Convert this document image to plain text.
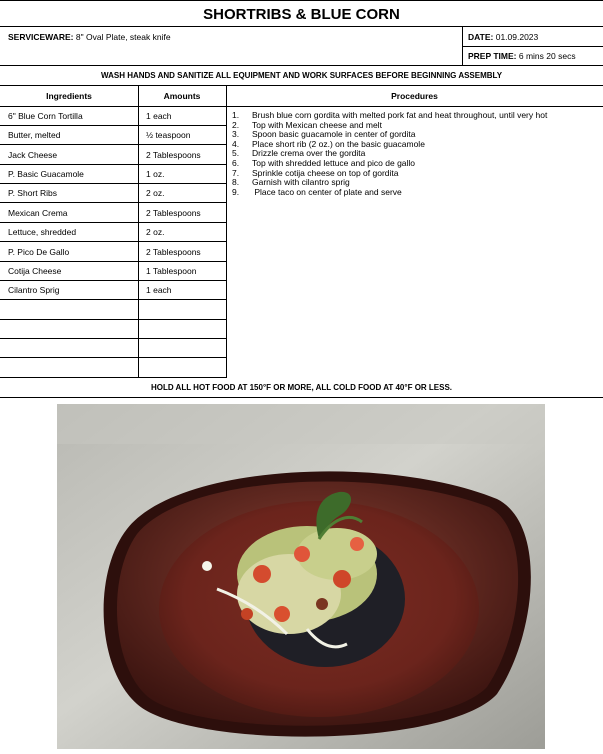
SHORTRIBS & BLUE CORN
SERVICEWARE: 8" Oval Plate, steak knife	DATE: 01.09.2023
PREP TIME: 6 mins 20 secs
WASH HANDS AND SANITIZE ALL EQUIPMENT AND WORK SURFACES BEFORE BEGINNING ASSEMBLY
Ingredients	Amounts	Procedures
6" Blue Corn Tortilla	1 each
Butter, melted	½ teaspoon
Jack Cheese	2 Tablespoons
P. Basic Guacamole	1 oz.
P. Short Ribs	2 oz.
Mexican Crema	2 Tablespoons
Lettuce, shredded	2 oz.
P. Pico De Gallo	2 Tablespoons
Cotija Cheese	1 Tablespoon
Cilantro Sprig	1 each
1. Brush blue corn gordita with melted pork fat and heat throughout, until very hot
2. Top with Mexican cheese and melt
3. Spoon basic guacamole in center of gordita
4. Place short rib (2 oz.) on the basic guacamole
5. Drizzle crema over the gordita
6. Top with shredded lettuce and pico de gallo
7. Sprinkle cotija cheese on top of gordita
8. Garnish with cilantro sprig
9. Place taco on center of plate and serve
HOLD ALL HOT FOOD AT 150°F OR MORE, ALL COLD FOOD AT 40°F OR LESS.
